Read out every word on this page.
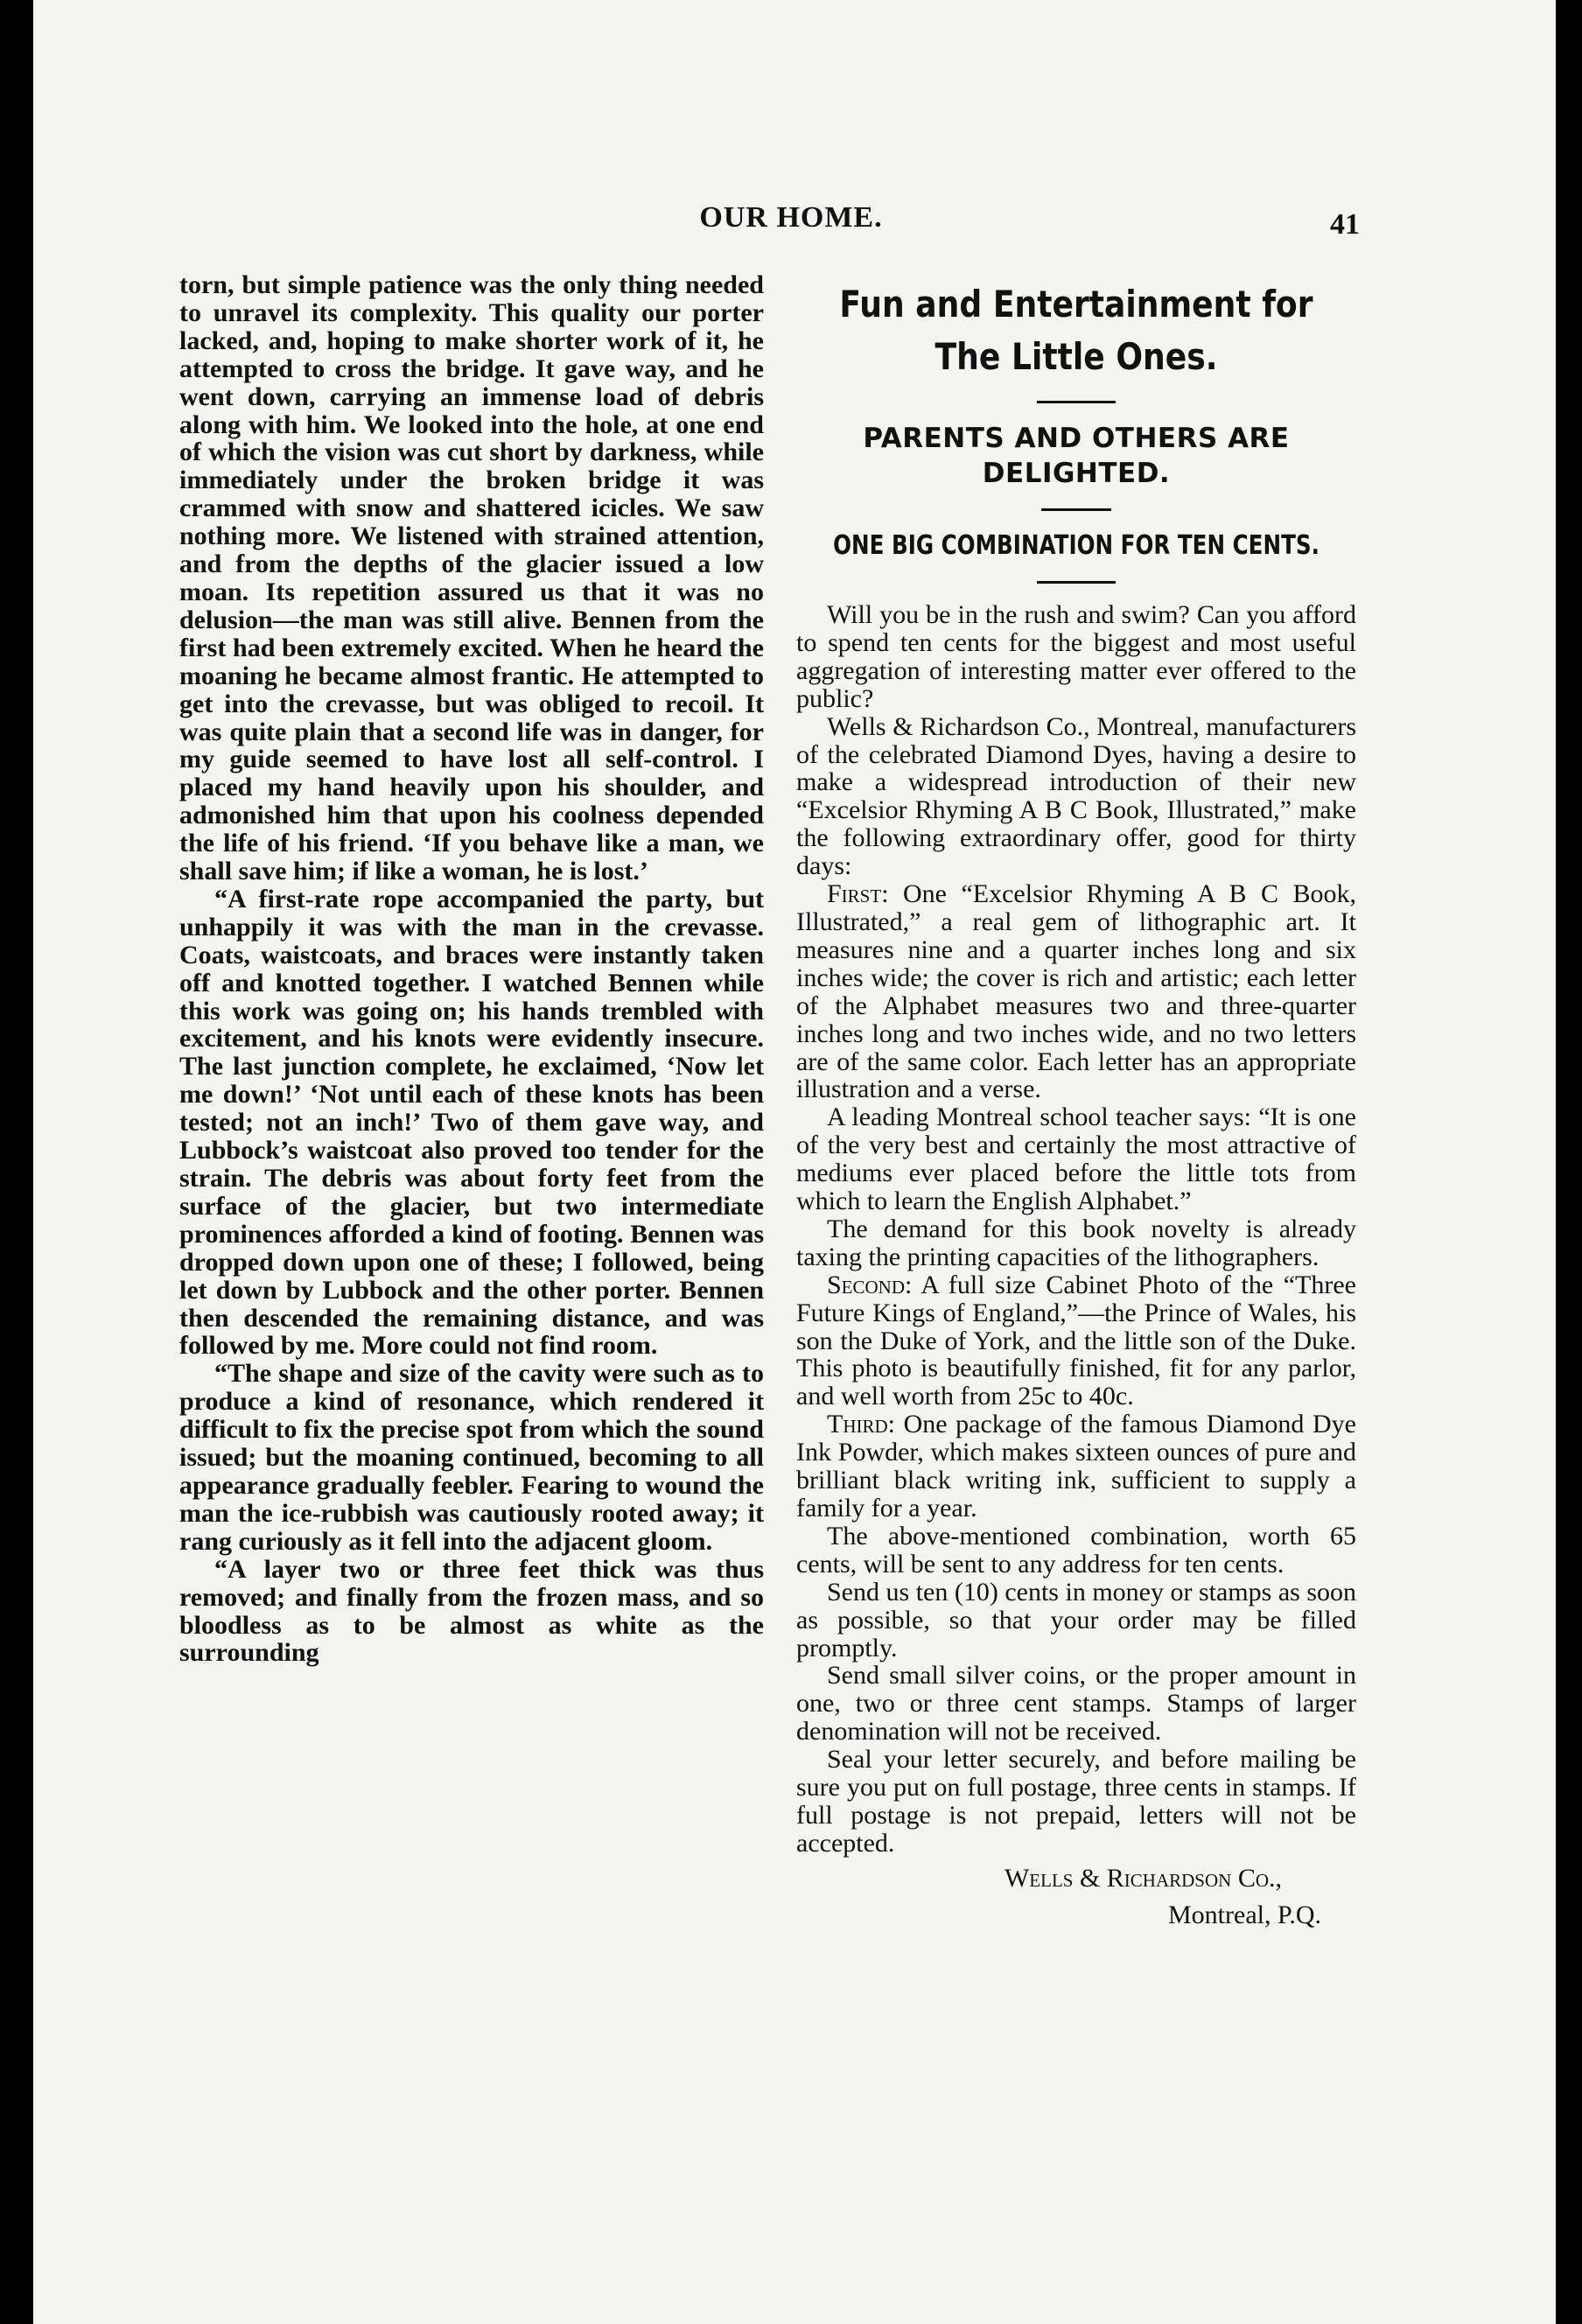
OUR HOME.	41

torn, but simple patience was the only thing needed to unravel its complexity. This quality our porter lacked, and, hoping to make shorter work of it, he attempted to cross the bridge. It gave way, and he went down, carrying an immense load of debris along with him. We looked into the hole, at one end of which the vision was cut short by darkness, while immediately under the broken bridge it was crammed with snow and shattered icicles. We saw nothing more. We listened with strained attention, and from the depths of the glacier issued a low moan. Its repetition assured us that it was no delusion—the man was still alive. Bennen from the first had been extremely excited. When he heard the moaning he became almost frantic. He attempted to get into the crevasse, but was obliged to recoil. It was quite plain that a second life was in danger, for my guide seemed to have lost all self-control. I placed my hand heavily upon his shoulder, and admonished him that upon his coolness depended the life of his friend. ‘If you behave like a man, we shall save him; if like a woman, he is lost.’

“A first-rate rope accompanied the party, but unhappily it was with the man in the crevasse. Coats, waistcoats, and braces were instantly taken off and knotted together. I watched Bennen while this work was going on; his hands trembled with excitement, and his knots were evidently insecure. The last junction complete, he exclaimed, ‘Now let me down!’ ‘Not until each of these knots has been tested; not an inch!’ Two of them gave way, and Lubbock’s waistcoat also proved too tender for the strain. The debris was about forty feet from the surface of the glacier, but two intermediate prominences afforded a kind of footing. Bennen was dropped down upon one of these; I followed, being let down by Lubbock and the other porter. Bennen then descended the remaining distance, and was followed by me. More could not find room.

“The shape and size of the cavity were such as to produce a kind of resonance, which rendered it difficult to fix the precise spot from which the sound issued; but the moaning continued, becoming to all appearance gradually feebler. Fearing to wound the man the ice-rubbish was cautiously rooted away; it rang curiously as it fell into the adjacent gloom.

“A layer two or three feet thick was thus removed; and finally from the frozen mass, and so bloodless as to be almost as white as the surrounding

Fun and Entertainment for
The Little Ones.
PARENTS AND OTHERS ARE DELIGHTED.
ONE BIG COMBINATION FOR TEN CENTS.

Will you be in the rush and swim? Can you afford to spend ten cents for the biggest and most useful aggregation of interesting matter ever offered to the public?

Wells & Richardson Co., Montreal, manufacturers of the celebrated Diamond Dyes, having a desire to make a widespread introduction of their new “Excelsior Rhyming A B C Book, Illustrated,” make the following extraordinary offer, good for thirty days:

First: One “Excelsior Rhyming A B C Book, Illustrated,” a real gem of lithographic art. It measures nine and a quarter inches long and six inches wide; the cover is rich and artistic; each letter of the Alphabet measures two and three-quarter inches long and two inches wide, and no two letters are of the same color. Each letter has an appropriate illustration and a verse.

A leading Montreal school teacher says: “It is one of the very best and certainly the most attractive of mediums ever placed before the little tots from which to learn the English Alphabet.”

The demand for this book novelty is already taxing the printing capacities of the lithographers.

Second: A full size Cabinet Photo of the “Three Future Kings of England,”—the Prince of Wales, his son the Duke of York, and the little son of the Duke. This photo is beautifully finished, fit for any parlor, and well worth from 25c to 40c.

Third: One package of the famous Diamond Dye Ink Powder, which makes sixteen ounces of pure and brilliant black writing ink, sufficient to supply a family for a year.

The above-mentioned combination, worth 65 cents, will be sent to any address for ten cents.

Send us ten (10) cents in money or stamps as soon as possible, so that your order may be filled promptly.

Send small silver coins, or the proper amount in one, two or three cent stamps. Stamps of larger denomination will not be received.

Seal your letter securely, and before mailing be sure you put on full postage, three cents in stamps. If full postage is not prepaid, letters will not be accepted.

Wells & Richardson Co.,
Montreal, P.Q.
